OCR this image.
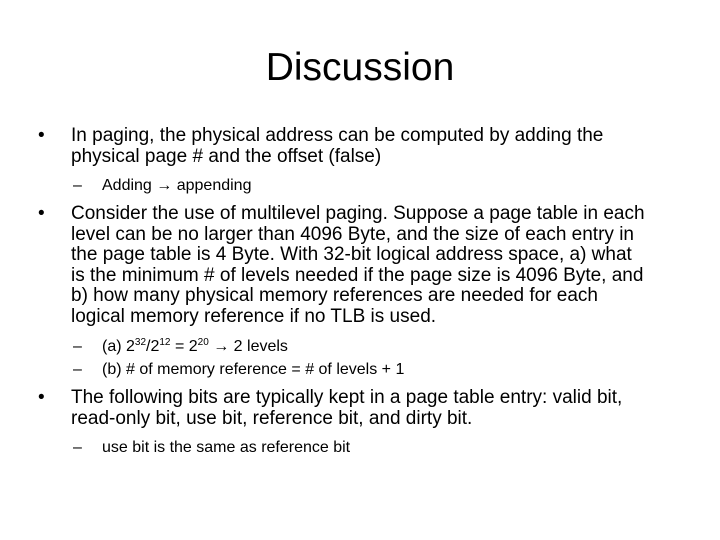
Discussion
• In paging, the physical address can be computed by adding the
physical page # and the offset (false)
– Adding → appending
• Consider the use of multilevel paging. Suppose a page table in each
level can be no larger than 4096 Byte, and the size of each entry in
the page table is 4 Byte. With 32-bit logical address space, a) what
is the minimum # of levels needed if the page size is 4096 Byte, and
b) how many physical memory references are needed for each
logical memory reference if no TLB is used.
– (a) $2^{32}/2^{12} = 2^{20} \to 2$ levels
– (b) # of memory reference = # of levels + 1
• The following bits are typically kept in a page table entry: valid bit,
read-only bit, use bit, reference bit, and dirty bit.
– use bit is the same as reference bit
